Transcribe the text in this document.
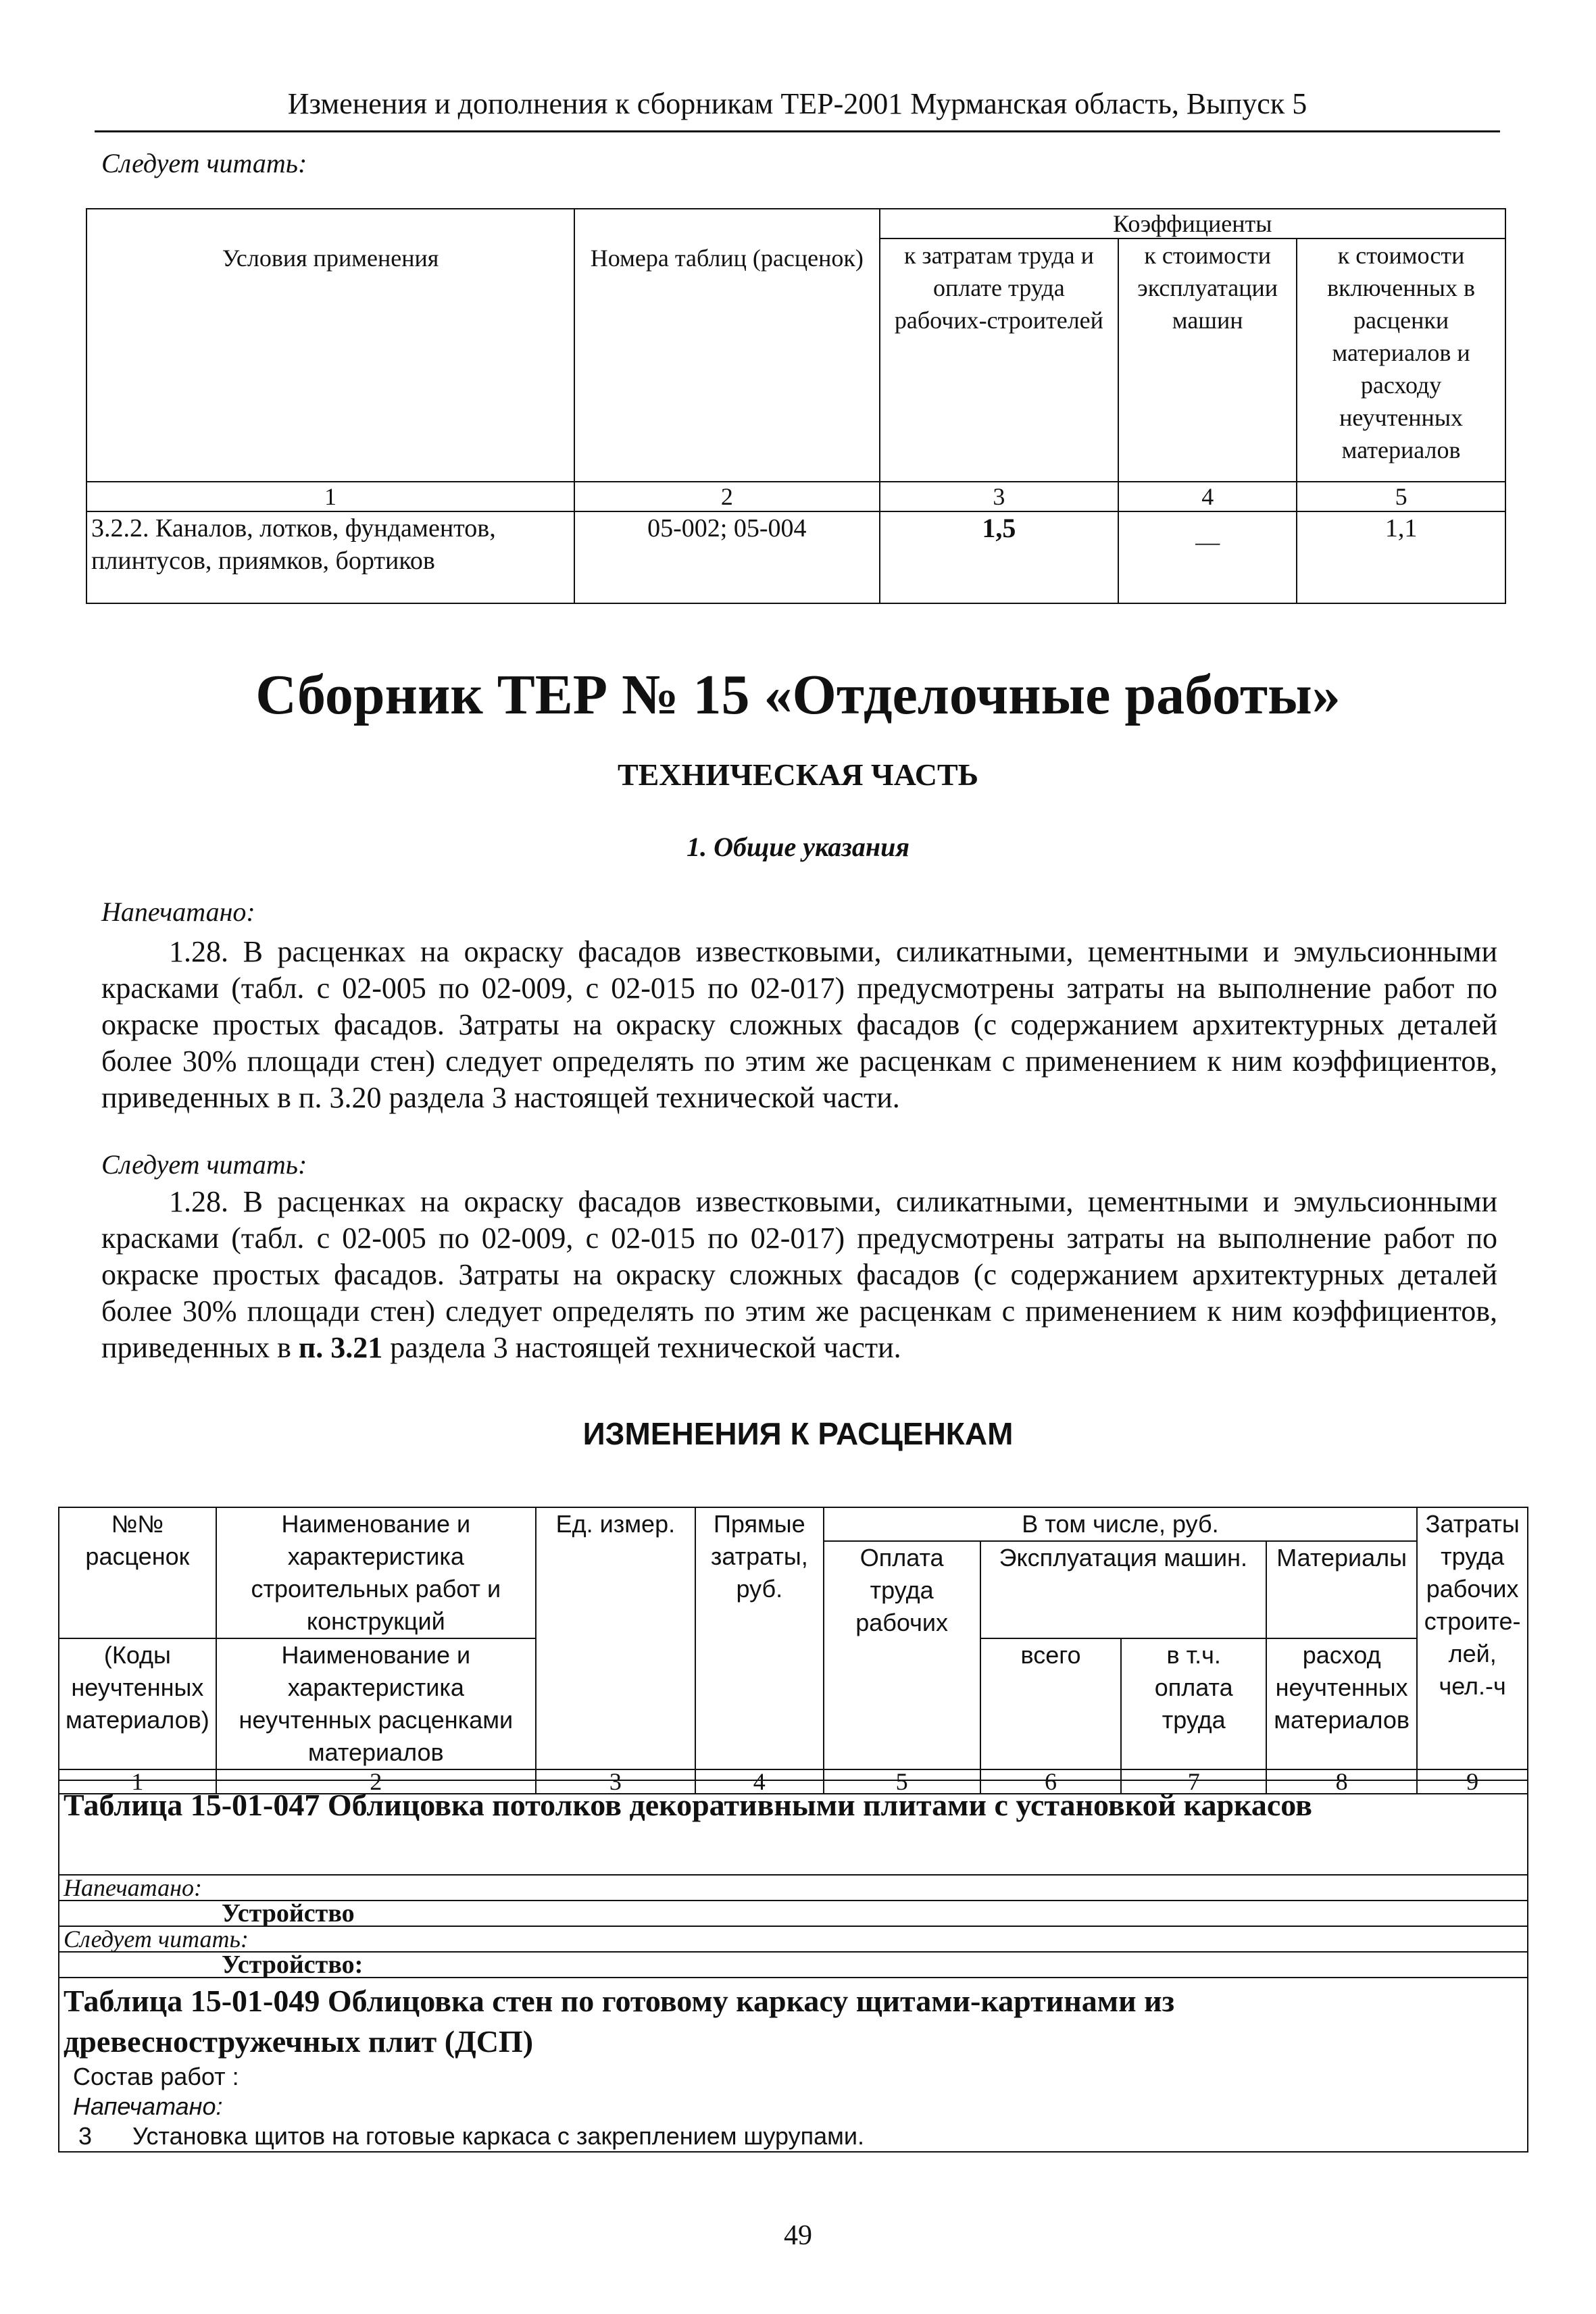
Изменения и дополнения к сборникам ТЕР-2001 Мурманская область, Выпуск 5
Следует читать:
Условия применения	Номера таблиц (расценок)	Коэффициенты		
		к затратам труда и оплате труда рабочих-строителей	к стоимости эксплуатации машин	к стоимости включенных в расценки материалов и расходу неучтенных материалов
1	2	3	4	5
3.2.2. Каналов, лотков, фундаментов, плинтусов, приямков, бортиков	05-002; 05-004	1,5	—	1,1
Сборник ТЕР № 15 «Отделочные работы»
ТЕХНИЧЕСКАЯ ЧАСТЬ
1. Общие указания
Напечатано:
1.28. В расценках на окраску фасадов известковыми, силикатными, цементными и эмульсионными красками (табл. с 02-005 по 02-009, с 02-015 по 02-017) предусмотрены затраты на выполнение работ по окраске простых фасадов. Затраты на окраску сложных фасадов (с содержанием архитектурных деталей более 30% площади стен) следует определять по этим же расценкам с применением к ним коэффициентов, приведенных в п. 3.20 раздела 3 настоящей технической части.
Следует читать:
1.28. В расценках на окраску фасадов известковыми, силикатными, цементными и эмульсионными красками (табл. с 02-005 по 02-009, с 02-015 по 02-017) предусмотрены затраты на выполнение работ по окраске простых фасадов. Затраты на окраску сложных фасадов (с содержанием архитектурных деталей более 30% площади стен) следует определять по этим же расценкам с применением к ним коэффициентов, приведенных в п. 3.21 раздела 3 настоящей технической части.
ИЗМЕНЕНИЯ К РАСЦЕНКАМ
№№ расценок	Наименование и характеристика строительных работ и конструкций	Ед. измер.	Прямые затраты, руб.	В том числе, руб.				Затраты труда рабочих строите-лей, чел.-ч
				Оплата труда рабочих	Эксплуатация машин.		Материалы	
(Коды неучтенных материалов)	Наименование и характеристика неучтенных расценками материалов				всего	в т.ч. оплата труда	расход неучтенных материалов	

1	2	3	4	5	6	7	8	9
Таблица 15-01-047 Облицовка потолков декоративными плитами с установкой каркасов
Напечатано:
Устройство
Следует читать:
Устройство:

Таблица 15-01-049 Облицовка стен по готовому каркасу щитами-картинами из
древесностружечных плит (ДСП)
Состав работ :
Напечатано:
3 Установка щитов на готовые каркаса с закреплением шурупами.
49
